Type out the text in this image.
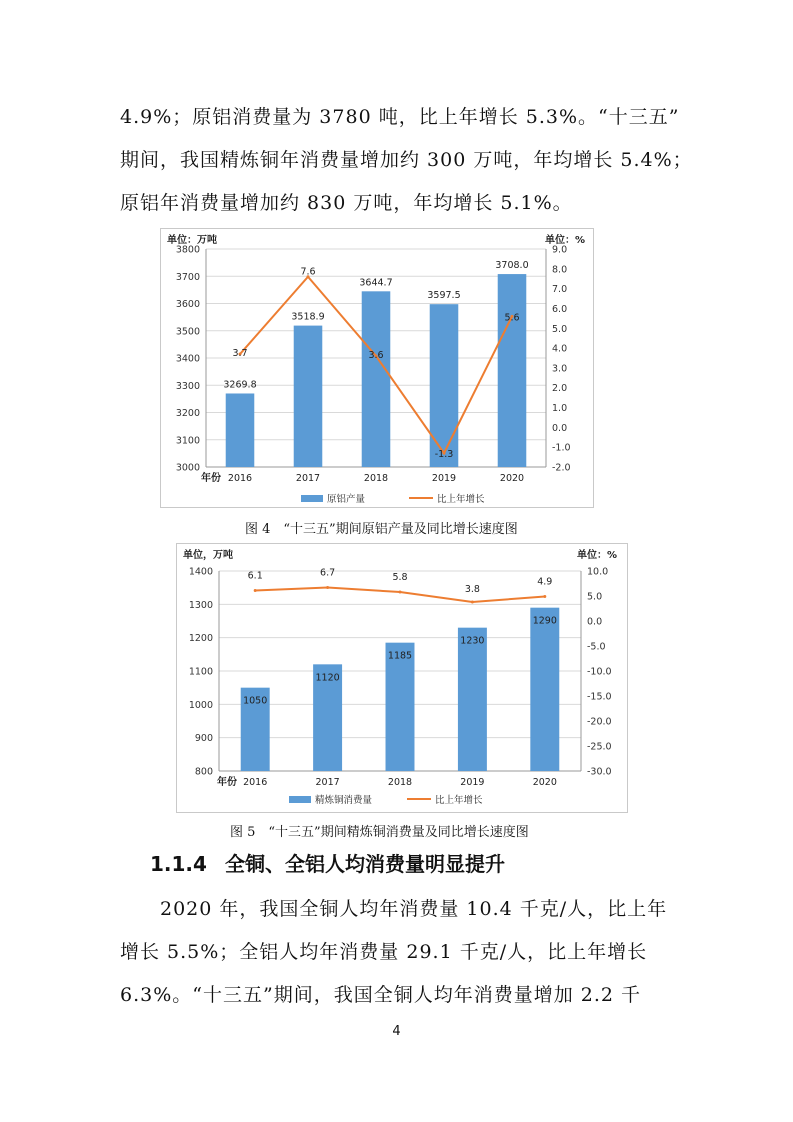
4.9%；原铝消费量为 3780 吨，比上年增长 5.3%。“十三五”
期间，我国精炼铜年消费量增加约 300 万吨，年均增长 5.4%；
原铝年消费量增加约 830 万吨，年均增长 5.1%。
单位：万吨	单位：%
3000
3100
3200
3300
3400
3500
3600
3700
3800
-2.0
-1.0
0.0
1.0
2.0
3.0
4.0
5.0
6.0
7.0
8.0
9.0
年份
3269.8
3518.9
3644.7
3597.5
3708.0
2016	2017	2018	2019	2020
3.7
7.6
3.6
-1.3
5.6
原铝产量	比上年增长
图 4　“十三五”期间原铝产量及同比增长速度图
单位，万吨	单位：%
800
900
1000
1100
1200
1300
1400
-30.0
-25.0
-20.0
-15.0
-10.0
-5.0
0.0
5.0
10.0
年份
1050
1120
1185
1230
1290
2016	2017	2018	2019	2020
6.1	6.7	5.8
3.8
4.9
精炼铜消费量	比上年增长
图 5　“十三五”期间精炼铜消费量及同比增长速度图
1.1.4 全铜、全铝人均消费量明显提升
2020 年，我国全铜人均年消费量 10.4 千克/人，比上年
增长 5.5%；全铝人均年消费量 29.1 千克/人，比上年增长
6.3%。“十三五”期间，我国全铜人均年消费量增加 2.2 千
4
